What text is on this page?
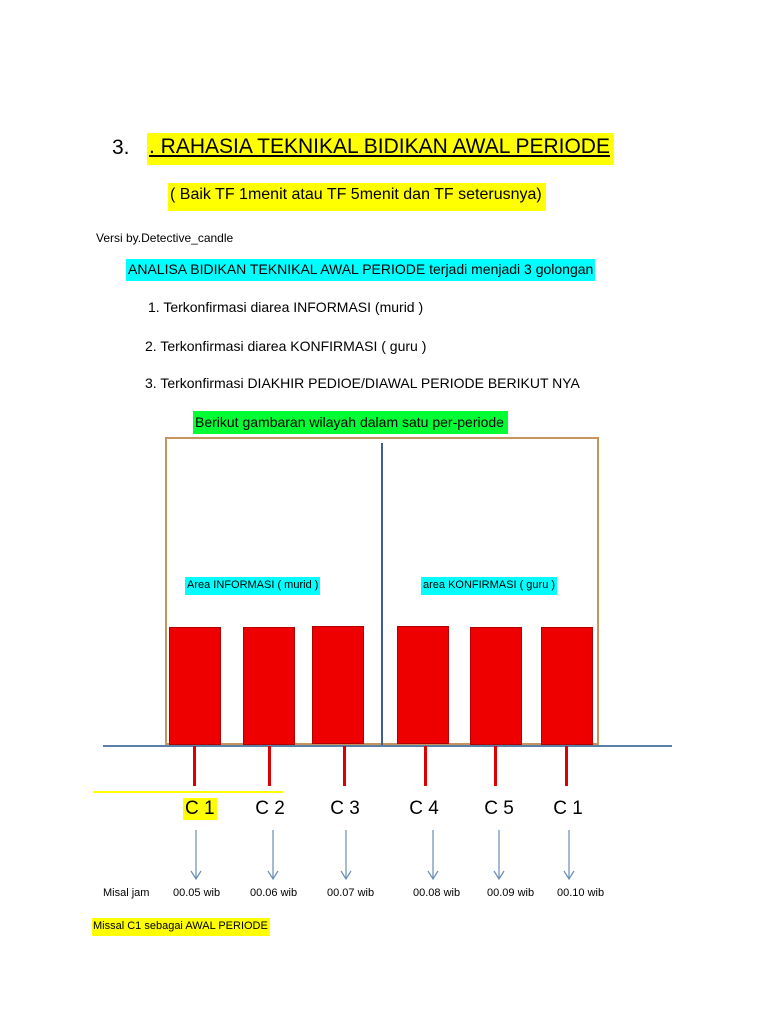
3. . RAHASIA TEKNIKAL BIDIKAN AWAL PERIODE
( Baik TF 1menit atau TF 5menit dan TF seterusnya)
Versi by.Detective_candle
ANALISA BIDIKAN TEKNIKAL AWAL PERIODE terjadi menjadi 3 golongan
1. Terkonfirmasi diarea INFORMASI (murid )
2. Terkonfirmasi diarea KONFIRMASI ( guru )
3. Terkonfirmasi DIAKHIR PEDIOE/DIAWAL PERIODE BERIKUT NYA
Berikut gambaran wilayah dalam satu per-periode
Area INFORMASI ( murid )	area KONFIRMASI ( guru )
C 1	C 2	C 3	C 4	C 5	C 1
Misal jam 00.05 wib	00.06 wib	00.07 wib	00.08 wib 00.09 wib 00.10 wib
Missal C1 sebagai AWAL PERIODE
